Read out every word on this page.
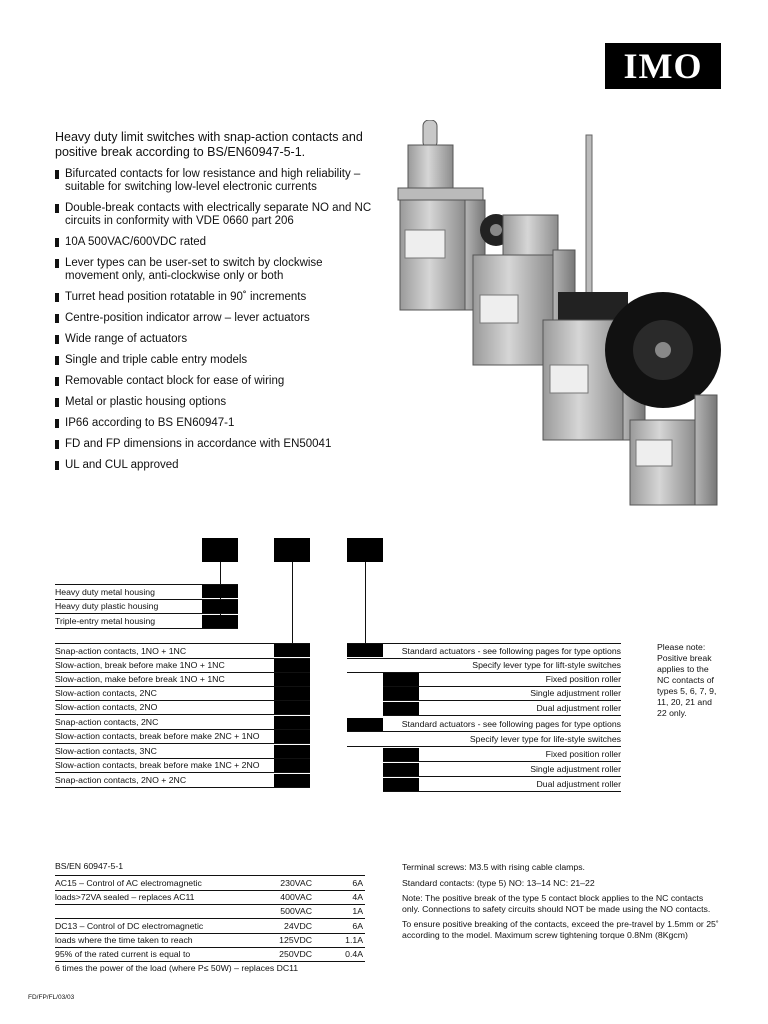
IMO
Heavy duty limit switches with snap-action contacts and positive break according to BS/EN60947-5-1.
Bifurcated contacts for low resistance and high reliability – suitable for switching low-level electronic currents
Double-break contacts with electrically separate NO and NC circuits in conformity with VDE 0660 part 206
10A 500VAC/600VDC rated
Lever types can be user-set to switch by clockwise movement only, anti-clockwise only or both
Turret head position rotatable in 90˚ increments
Centre-position indicator arrow – lever actuators
Wide range of actuators
Single and triple cable entry models
Removable contact block for ease of wiring
Metal or plastic housing options
IP66 according to BS EN60947-1
FD and FP dimensions in accordance with EN50041
UL and CUL approved
Heavy duty metal housing
Heavy duty plastic housing
Triple-entry metal housing
Snap-action contacts, 1NO + 1NC
Slow-action, break before make 1NO + 1NC
Slow-action, make before break 1NO + 1NC
Slow-action contacts, 2NC
Slow-action contacts, 2NO
Snap-action contacts, 2NC
Slow-action contacts, break before make 2NC + 1NO
Slow-action contacts, 3NC
Slow-action contacts, break before make 1NC + 2NO
Snap-action contacts, 2NO + 2NC
Standard actuators - see following pages for type options
Specify lever type for lift-style switches
Fixed position roller
Single adjustment roller
Dual adjustment roller
Standard actuators - see following pages for type options
Specify lever type for life-style switches
Fixed position roller
Single adjustment roller
Dual adjustment roller
Please note: Positive break applies to the NC contacts of types 5, 6, 7, 9, 11, 20, 21 and 22 only.
BS/EN 60947-5-1
AC15 – Control of AC electromagnetic	230VAC	6A
loads>72VA sealed – replaces AC11	400VAC	4A
500VAC	1A
DC13 – Control of DC electromagnetic	24VDC	6A
loads where the time taken to reach	125VDC	1.1A
95% of the rated current is equal to	250VDC	0.4A
6 times the power of the load (where P≤ 50W) – replaces DC11

Terminal screws: M3.5 with rising cable clamps.

Standard contacts: (type 5) NO: 13–14 NC: 21–22

Note: The positive break of the type 5 contact block applies to the NC contacts only. Connections to safety circuits should NOT be made using the NO contacts.

To ensure positive breaking of the contacts, exceed the pre-travel by 1.5mm or 25˚ according to the model. Maximum screw tightening torque 0.8Nm (8Kgcm)

FD/FP/FL/03/03
